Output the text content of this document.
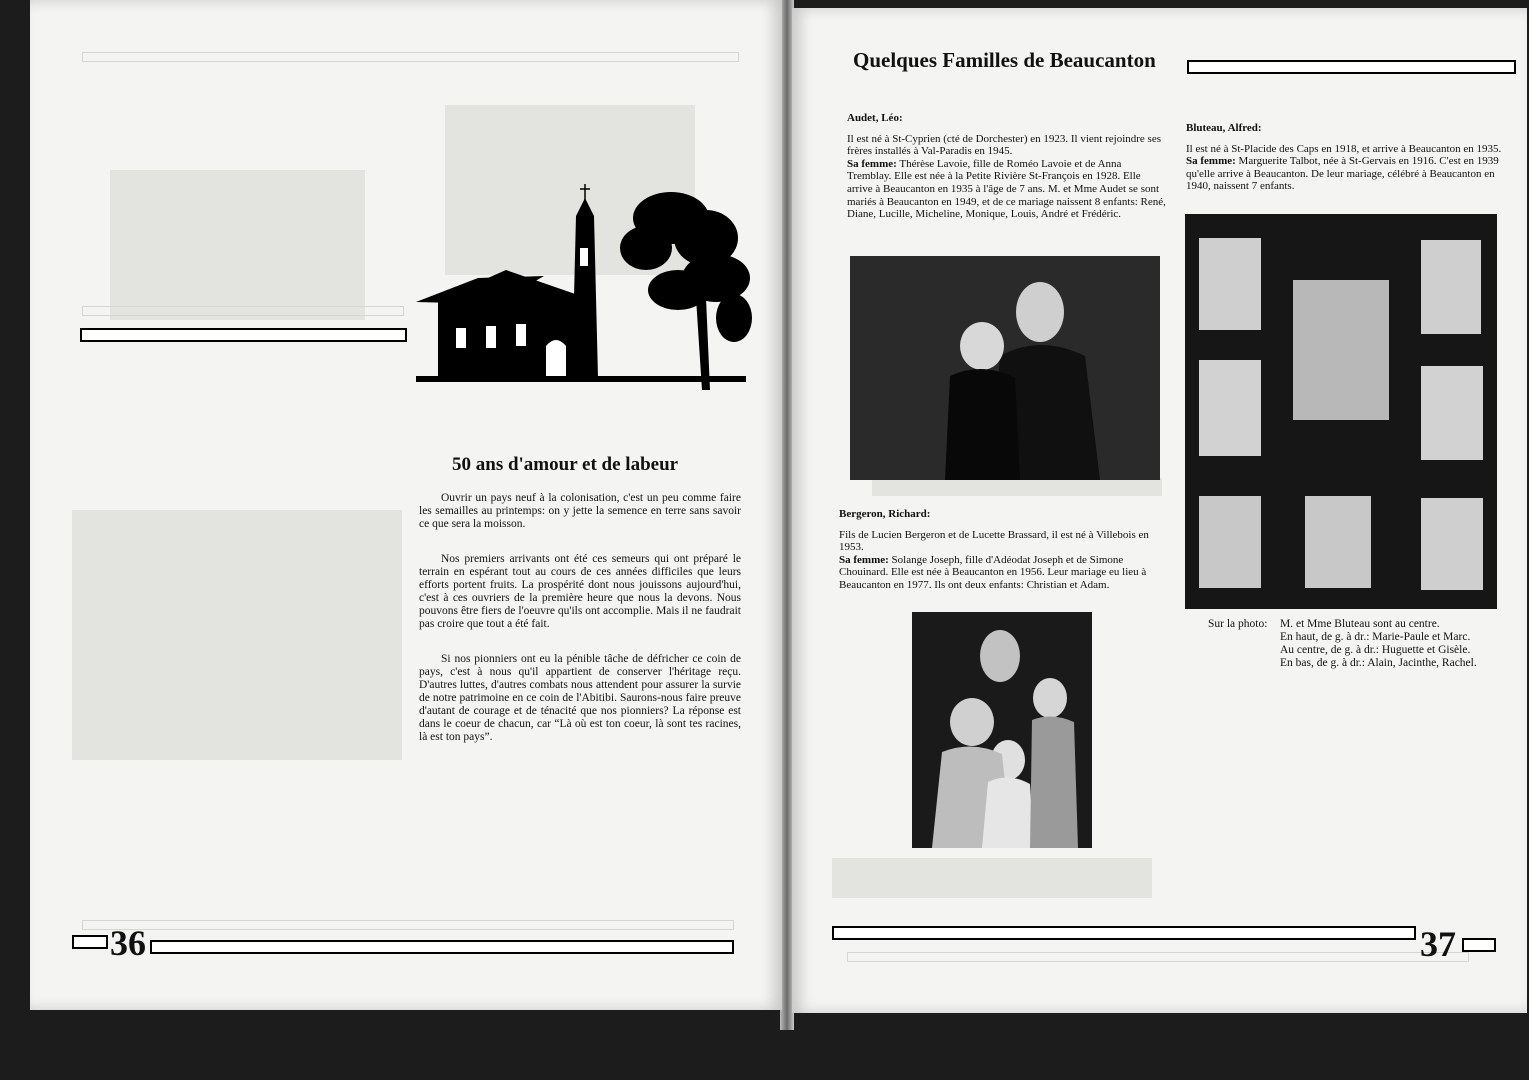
50 ans d'amour et de labeur

Ouvrir un pays neuf à la colonisation, c'est un peu comme faire les semailles au printemps: on y jette la semence en terre sans savoir ce que sera la moisson.

Nos premiers arrivants ont été ces semeurs qui ont préparé le terrain en espérant tout au cours de ces années difficiles que leurs efforts portent fruits. La prospérité dont nous jouissons aujourd'hui, c'est à ces ouvriers de la première heure que nous la devons. Nous pouvons être fiers de l'oeuvre qu'ils ont accomplie. Mais il ne faudrait pas croire que tout a été fait.

Si nos pionniers ont eu la pénible tâche de défricher ce coin de pays, c'est à nous qu'il appartient de conserver l'héritage reçu. D'autres luttes, d'autres combats nous attendent pour assurer la survie de notre patrimoine en ce coin de l'Abitibi. Saurons-nous faire preuve d'autant de courage et de ténacité que nos pionniers? La réponse est dans le coeur de chacun, car “Là où est ton coeur, là sont tes racines, là est ton pays”.

36
Quelques Familles de Beaucanton
Audet, Léo:

Il est né à St-Cyprien (cté de Dorchester) en 1923. Il vient rejoindre ses frères installés à Val-Paradis en 1945.

Sa femme: Thérèse Lavoie, fille de Roméo Lavoie et de Anna Tremblay. Elle est née à la Petite Rivière St-François en 1928. Elle arrive à Beaucanton en 1935 à l'âge de 7 ans. M. et Mme Audet se sont mariés à Beaucanton en 1949, et de ce mariage naissent 8 enfants: René, Diane, Lucille, Micheline, Monique, Louis, André et Frédéric.

Bergeron, Richard:

Fils de Lucien Bergeron et de Lucette Brassard, il est né à Villebois en 1953.

Sa femme: Solange Joseph, fille d'Adéodat Joseph et de Simone Chouinard. Elle est née à Beaucanton en 1956. Leur mariage eu lieu à Beaucanton en 1977. Ils ont deux enfants: Christian et Adam.

Bluteau, Alfred:

Il est né à St-Placide des Caps en 1918, et arrive à Beaucanton en 1935.

Sa femme: Marguerite Talbot, née à St-Gervais en 1916. C'est en 1939 qu'elle arrive à Beaucanton. De leur mariage, célébré à Beaucanton en 1940, naissent 7 enfants.

Sur la photo:	M. et Mme Bluteau sont au centre.
En haut, de g. à dr.: Marie-Paule et Marc.
Au centre, de g. à dr.: Huguette et Gisèle.
En bas, de g. à dr.: Alain, Jacinthe, Rachel.
37
